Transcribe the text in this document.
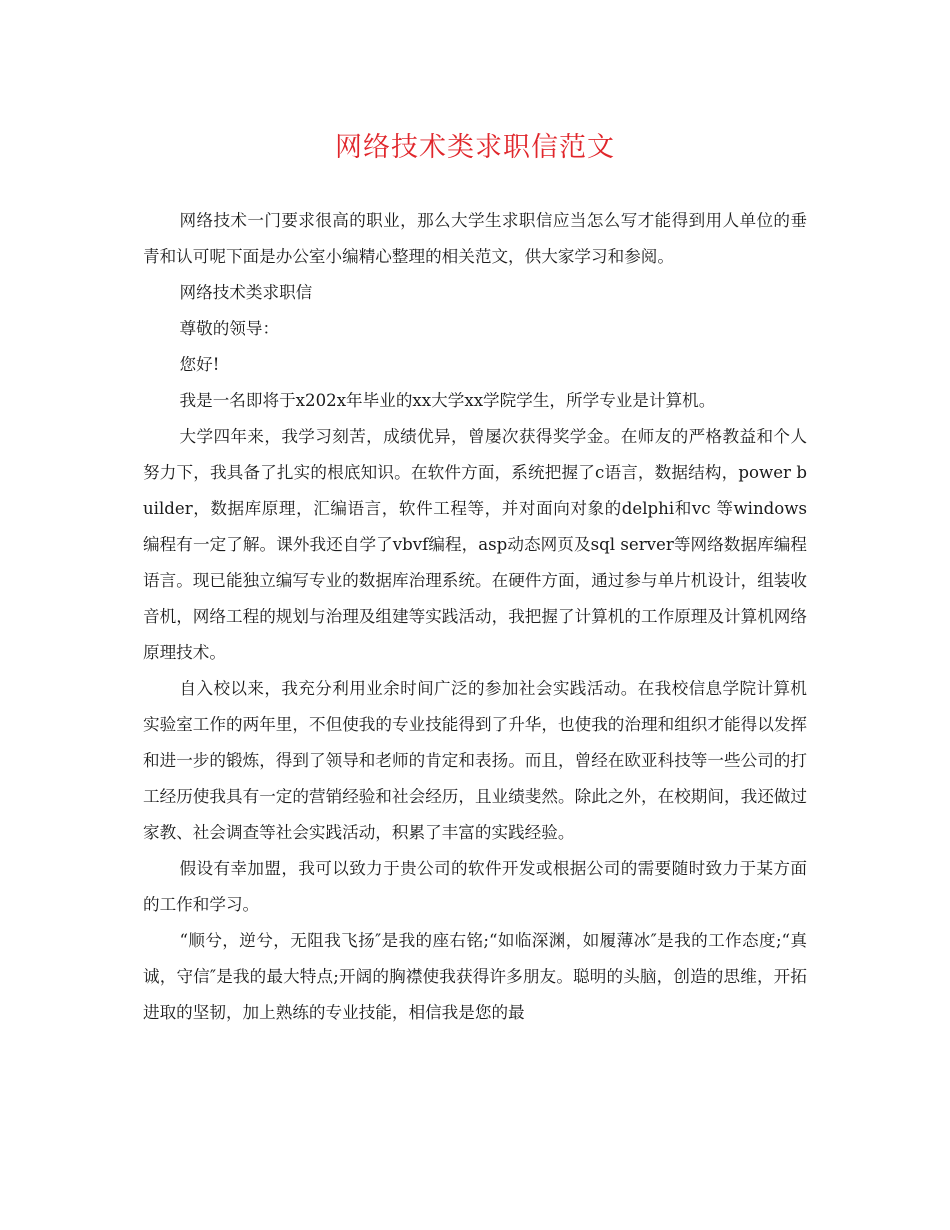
网络技术类求职信范文

网络技术一门要求很高的职业，那么大学生求职信应当怎么写才能得到用人单位的垂青和认可呢下面是办公室小编精心整理的相关范文，供大家学习和参阅。

网络技术类求职信

尊敬的领导：

您好!

我是一名即将于x202x年毕业的xx大学xx学院学生，所学专业是计算机。

大学四年来，我学习刻苦，成绩优异，曾屡次获得奖学金。在师友的严格教益和个人努力下，我具备了扎实的根底知识。在软件方面，系统把握了c语言，数据结构，power builder，数据库原理，汇编语言，软件工程等，并对面向对象的delphi和vc 等windows编程有一定了解。课外我还自学了vbvf编程，asp动态网页及sql server等网络数据库编程语言。现已能独立编写专业的数据库治理系统。在硬件方面，通过参与单片机设计，组装收音机，网络工程的规划与治理及组建等实践活动，我把握了计算机的工作原理及计算机网络原理技术。

自入校以来，我充分利用业余时间广泛的参加社会实践活动。在我校信息学院计算机实验室工作的两年里，不但使我的专业技能得到了升华，也使我的治理和组织才能得以发挥和进一步的锻炼，得到了领导和老师的肯定和表扬。而且，曾经在欧亚科技等一些公司的打工经历使我具有一定的营销经验和社会经历，且业绩斐然。除此之外，在校期间，我还做过家教、社会调查等社会实践活动，积累了丰富的实践经验。

假设有幸加盟，我可以致力于贵公司的软件开发或根据公司的需要随时致力于某方面的工作和学习。

“顺兮，逆兮，无阻我飞扬″是我的座右铭;“如临深渊，如履薄冰″是我的工作态度;“真诚，守信″是我的最大特点;开阔的胸襟使我获得许多朋友。聪明的头脑，创造的思维，开拓进取的坚韧，加上熟练的专业技能，相信我是您的最
